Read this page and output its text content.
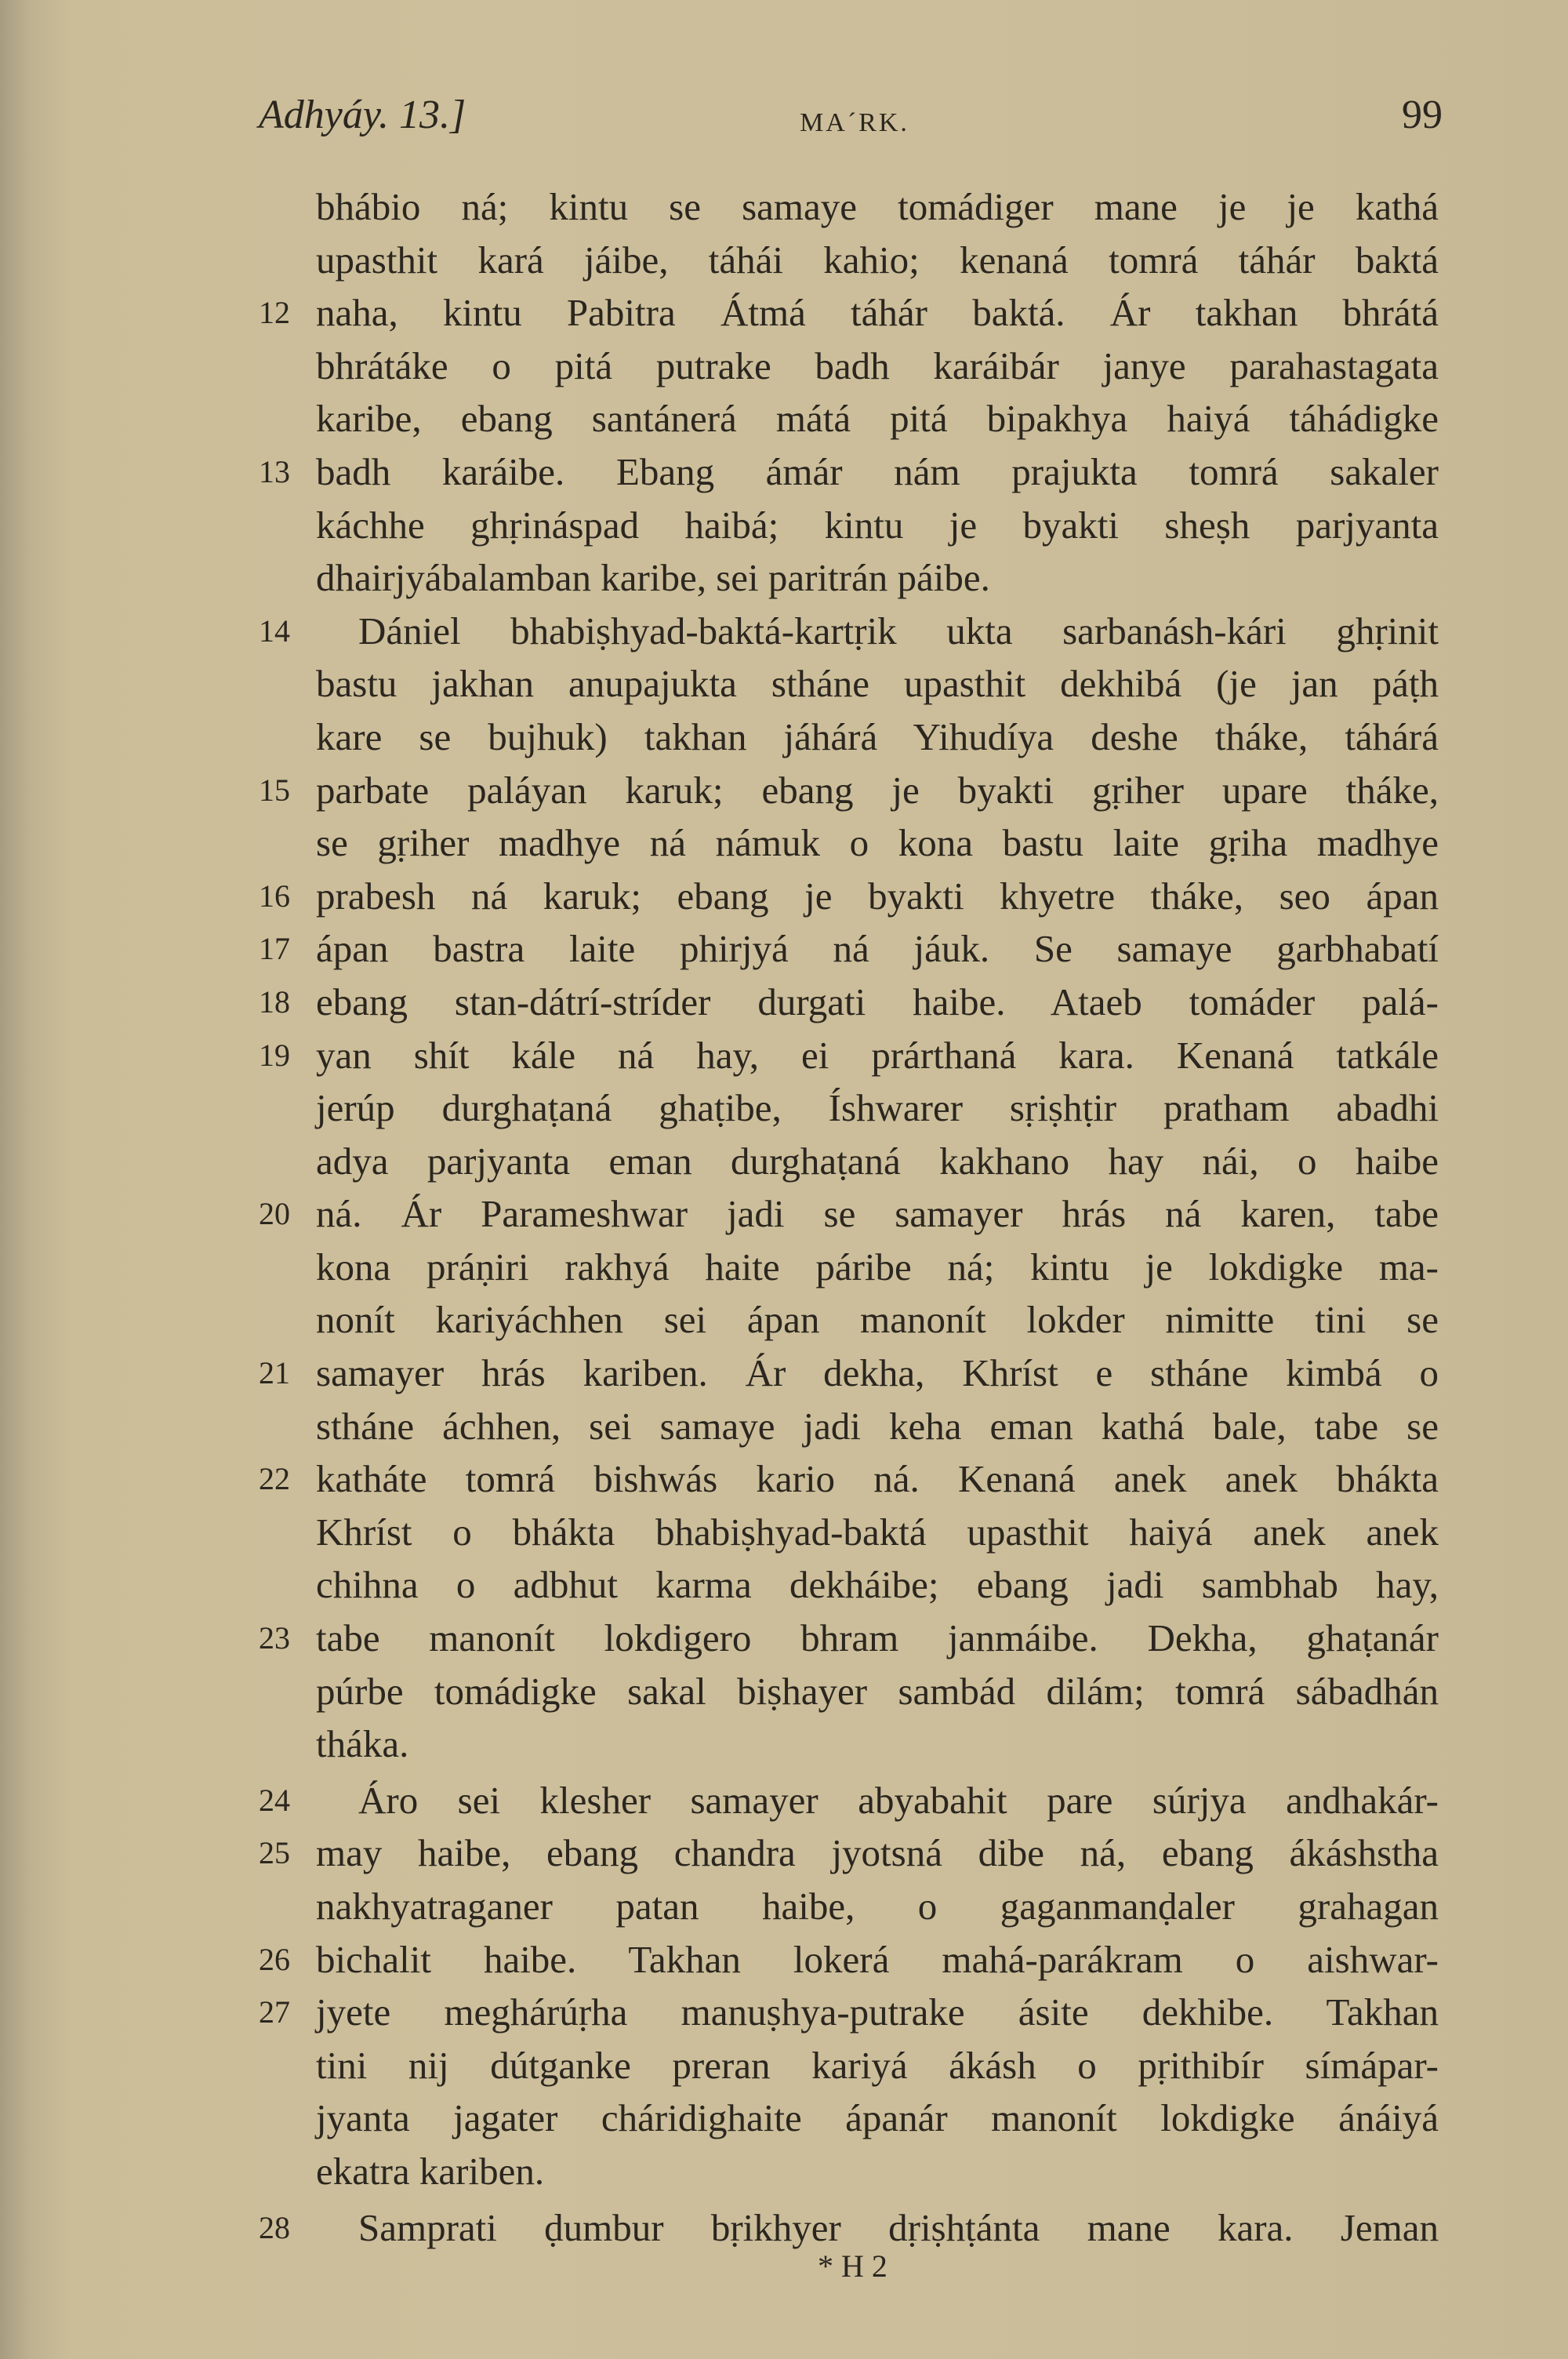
Adhyáy. 13.]	MA´RK.	99
bhábio ná; kintu se samaye tomádiger mane je je kathá
upasthit kará jáibe, táhái kahio; kenaná tomrá táhár baktá
12 naha, kintu Pabitra Átmá táhár baktá. Ár takhan bhrátá
bhrátáke o pitá putrake badh karáibár janye parahastagata
karibe, ebang santánerá mátá pitá bipakhya haiyá táhádigke
13 badh karáibe. Ebang ámár nám prajukta tomrá sakaler
káchhe ghṛináspad haibá; kintu je byakti sheṣh parjyanta
dhairjyábalamban karibe, sei paritrán páibe.
14	Dániel bhabiṣhyad-baktá-kartṛik ukta sarbanásh-kári ghṛinit
bastu jakhan anupajukta stháne upasthit dekhibá (je jan páṭh
kare se bujhuk) takhan jáhárá Yihudíya deshe tháke, táhárá
15 parbate paláyan karuk; ebang je byakti gṛiher upare tháke,
se gṛiher madhye ná námuk o kona bastu laite gṛiha madhye
16 prabesh ná karuk; ebang je byakti khyetre tháke, seo ápan
17 ápan bastra laite phirjyá ná jáuk. Se samaye garbhabatí
18 ebang stan-dátrí-stríder durgati haibe. Ataeb tomáder palá-
19 yan shít kále ná hay, ei prárthaná kara. Kenaná tatkále
jerúp durghaṭaná ghaṭibe, Íshwarer sṛiṣhṭir pratham abadhi
adya parjyanta eman durghaṭaná kakhano hay nái, o haibe
20 ná. Ár Parameshwar jadi se samayer hrás ná karen, tabe
kona práṇiri rakhyá haite páribe ná; kintu je lokdigke ma-
nonít kariyáchhen sei ápan manonít lokder nimitte tini se
21 samayer hrás kariben. Ár dekha, Khríst e stháne kimbá o
stháne áchhen, sei samaye jadi keha eman kathá bale, tabe se
22 katháte tomrá bishwás kario ná. Kenaná anek anek bhákta
Khríst o bhákta bhabiṣhyad-baktá upasthit haiyá anek anek
chihna o adbhut karma dekháibe; ebang jadi sambhab hay,
23 tabe manonít lokdigero bhram janmáibe. Dekha, ghaṭanár
púrbe tomádigke sakal biṣhayer sambád dilám; tomrá sábadhán
tháka.
24	Áro sei klesher samayer abyabahit pare súrjya andhakár-
25 may haibe, ebang chandra jyotsná dibe ná, ebang ákáshstha
nakhyatraganer patan haibe, o gaganmanḍaler grahagan
26 bichalit haibe. Takhan lokerá mahá-parákram o aishwar-
27 jyete meghárúṛha manuṣhya-putrake ásite dekhibe. Takhan
tini nij dútganke preran kariyá ákásh o pṛithibír símápar-
jyanta jagater cháridighaite ápanár manonít lokdigke ánáiyá
ekatra kariben.
28	Samprati ḍumbur bṛikhyer dṛiṣhṭánta mane kara. Jeman
* H 2
